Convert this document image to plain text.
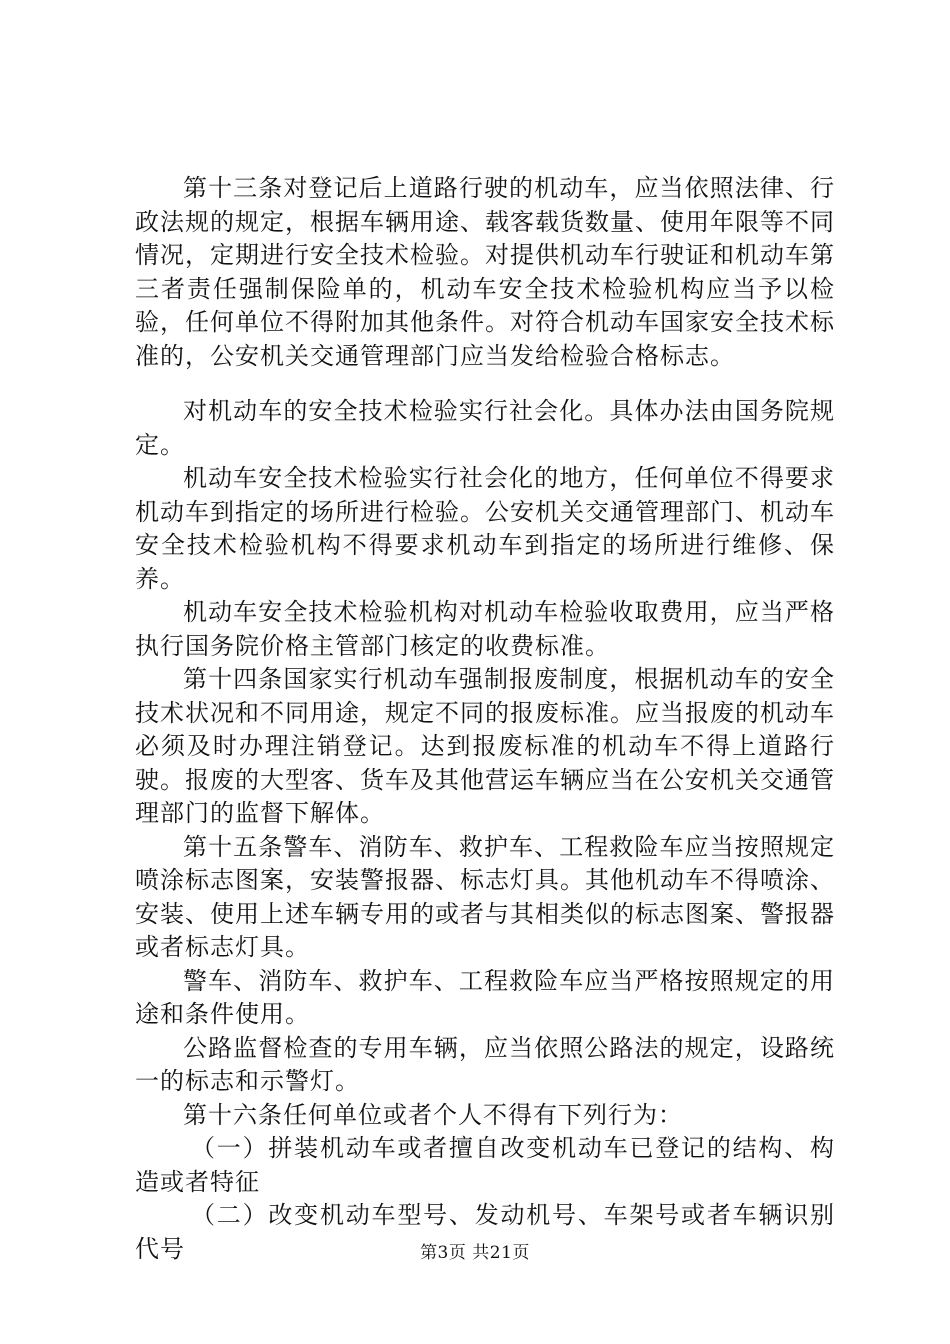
第十三条对登记后上道路行驶的机动车，应当依照法律、行政法规的规定，根据车辆用途、载客载货数量、使用年限等不同情况，定期进行安全技术检验。对提供机动车行驶证和机动车第三者责任强制保险单的，机动车安全技术检验机构应当予以检验，任何单位不得附加其他条件。对符合机动车国家安全技术标准的，公安机关交通管理部门应当发给检验合格标志。

对机动车的安全技术检验实行社会化。具体办法由国务院规定。

机动车安全技术检验实行社会化的地方，任何单位不得要求机动车到指定的场所进行检验。公安机关交通管理部门、机动车安全技术检验机构不得要求机动车到指定的场所进行维修、保养。

机动车安全技术检验机构对机动车检验收取费用，应当严格执行国务院价格主管部门核定的收费标准。

第十四条国家实行机动车强制报废制度，根据机动车的安全技术状况和不同用途，规定不同的报废标准。应当报废的机动车必须及时办理注销登记。达到报废标准的机动车不得上道路行驶。报废的大型客、货车及其他营运车辆应当在公安机关交通管理部门的监督下解体。

第十五条警车、消防车、救护车、工程救险车应当按照规定喷涂标志图案，安装警报器、标志灯具。其他机动车不得喷涂、安装、使用上述车辆专用的或者与其相类似的标志图案、警报器或者标志灯具。

警车、消防车、救护车、工程救险车应当严格按照规定的用途和条件使用。

公路监督检查的专用车辆，应当依照公路法的规定，设路统一的标志和示警灯。

第十六条任何单位或者个人不得有下列行为：

（一）拼装机动车或者擅自改变机动车已登记的结构、构造或者特征

（二）改变机动车型号、发动机号、车架号或者车辆识别代号	第3页 共21页
